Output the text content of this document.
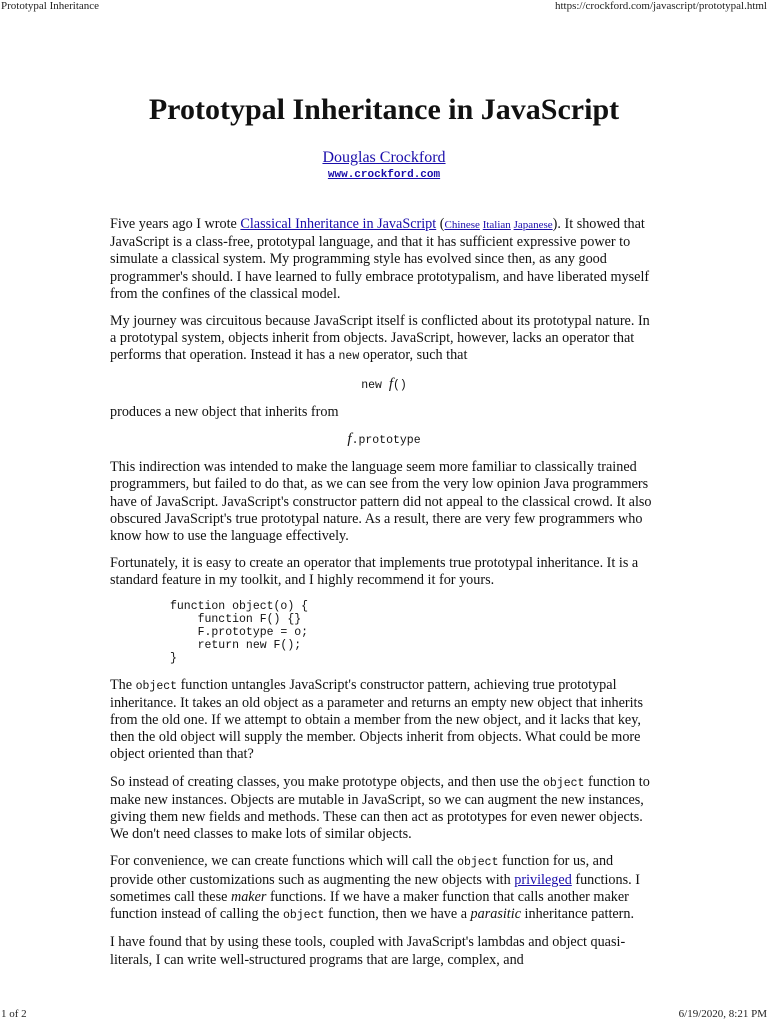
Prototypal Inheritance	https://crockford.com/javascript/prototypal.html
Prototypal Inheritance in JavaScript
Douglas Crockford
www.crockford.com

Five years ago I wrote Classical Inheritance in JavaScript (Chinese Italian Japanese). It showed that JavaScript is a class-free, prototypal language, and that it has sufficient expressive power to simulate a classical system. My programming style has evolved since then, as any good programmer's should. I have learned to fully embrace prototypalism, and have liberated myself from the confines of the classical model.

My journey was circuitous because JavaScript itself is conflicted about its prototypal nature. In a prototypal system, objects inherit from objects. JavaScript, however, lacks an operator that performs that operation. Instead it has a new operator, such that

new f()

produces a new object that inherits from

f.prototype

This indirection was intended to make the language seem more familiar to classically trained programmers, but failed to do that, as we can see from the very low opinion Java programmers have of JavaScript. JavaScript's constructor pattern did not appeal to the classical crowd. It also obscured JavaScript's true prototypal nature. As a result, there are very few programmers who know how to use the language effectively.

Fortunately, it is easy to create an operator that implements true prototypal inheritance. It is a standard feature in my toolkit, and I highly recommend it for yours.

function object(o) {
function F() {}
F.prototype = o;
return new F();
}

The object function untangles JavaScript's constructor pattern, achieving true prototypal inheritance. It takes an old object as a parameter and returns an empty new object that inherits from the old one. If we attempt to obtain a member from the new object, and it lacks that key, then the old object will supply the member. Objects inherit from objects. What could be more object oriented than that?

So instead of creating classes, you make prototype objects, and then use the object function to make new instances. Objects are mutable in JavaScript, so we can augment the new instances, giving them new fields and methods. These can then act as prototypes for even newer objects. We don't need classes to make lots of similar objects.

For convenience, we can create functions which will call the object function for us, and provide other customizations such as augmenting the new objects with privileged functions. I sometimes call these maker functions. If we have a maker function that calls another maker function instead of calling the object function, then we have a parasitic inheritance pattern.

I have found that by using these tools, coupled with JavaScript's lambdas and object quasi-literals, I can write well-structured programs that are large, complex, and

1 of 2	6/19/2020, 8:21 PM
